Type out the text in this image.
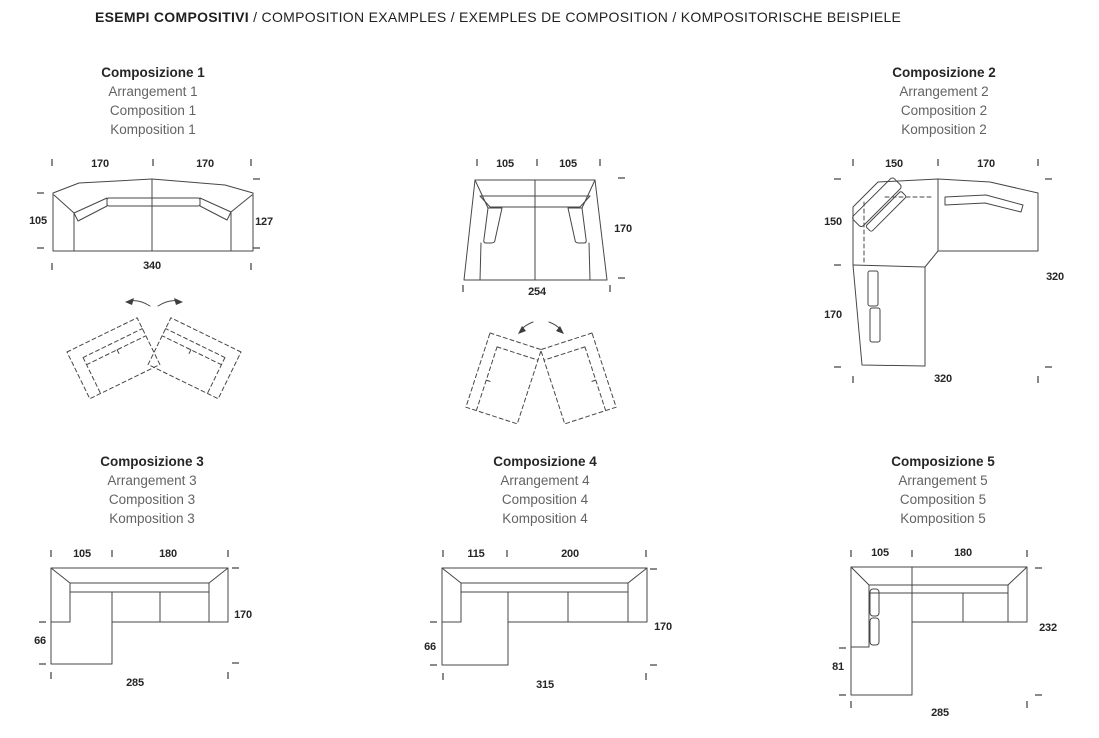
ESEMPI COMPOSITIVI / COMPOSITION EXAMPLES / EXEMPLES DE COMPOSITION / KOMPOSITORISCHE BEISPIELE
Composizione 1
Arrangement 1
Composition 1
Komposition 1
Composizione 2
Arrangement 2
Composition 2
Komposition 2
Composizione 3
Arrangement 3
Composition 3
Komposition 3
Composizione 4
Arrangement 4
Composition 4
Komposition 4
Composizione 5
Arrangement 5
Composition 5
Komposition 5
170	170
105	127
340
105	105
170
254
150	170
150
170
320
320
105	180
66
170
285
115	200
66
170
315
105	180
81
232
285
